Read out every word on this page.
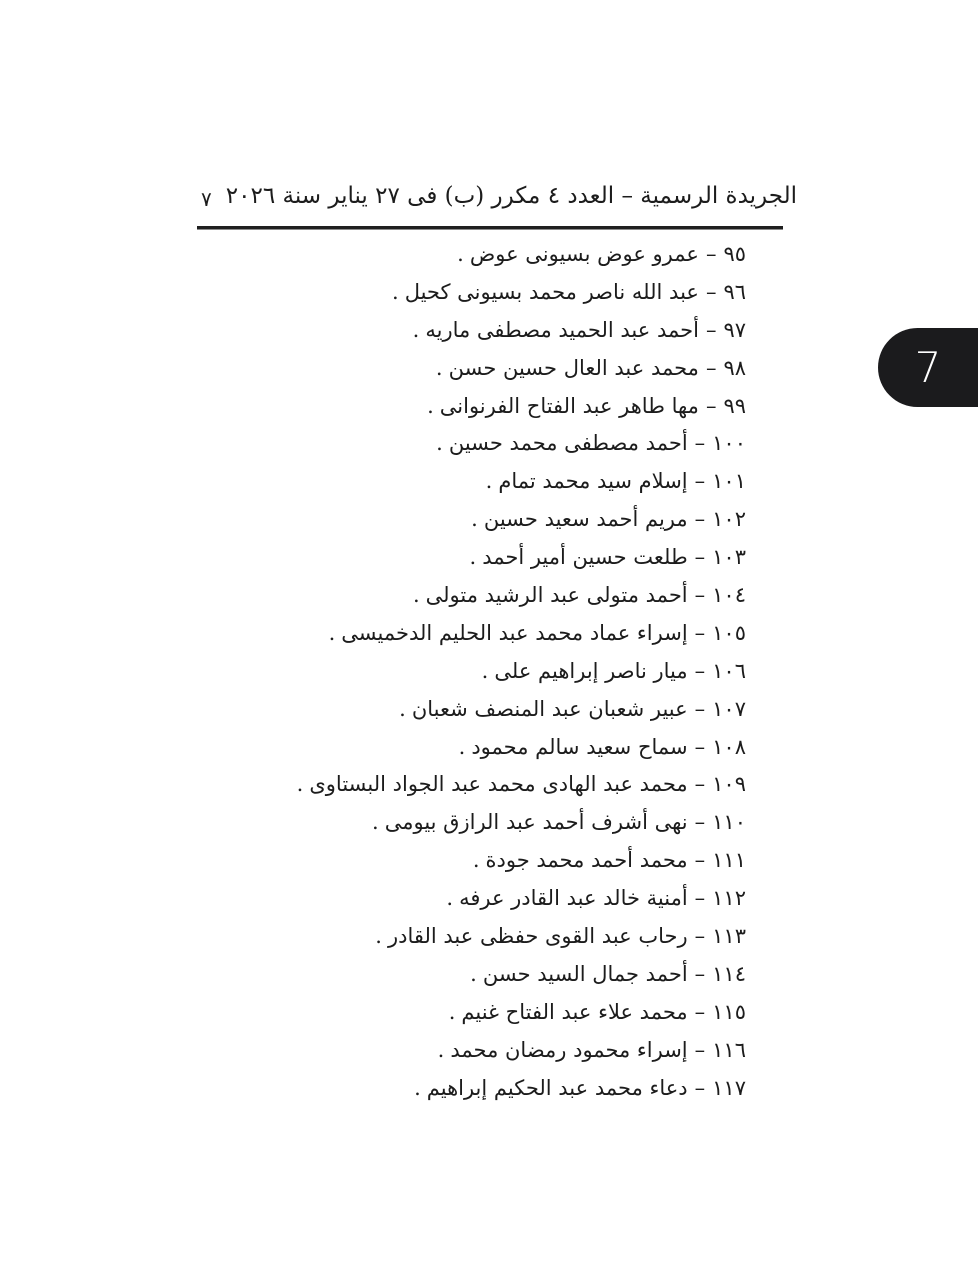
٧ الجريدة الرسمية – العدد ٤ مكرر (ب) فى ٢٧ يناير سنة ٢٠٢٦
٩٥–عمرو عوض بسيونى عوض.
٩٦–عبد الله ناصر محمد بسيونى كحيل.
٩٧–أحمد عبد الحميد مصطفى ماريه.
٩٨–محمد عبد العال حسين حسن.
٩٩–مها طاهر عبد الفتاح الفرنوانى.
١٠٠–أحمد مصطفى محمد حسين.
١٠١–إسلام سيد محمد تمام.
١٠٢–مريم أحمد سعيد حسين.
١٠٣–طلعت حسين أمير أحمد.
١٠٤–أحمد متولى عبد الرشيد متولى.
١٠٥–إسراء عماد محمد عبد الحليم الدخميسى.
١٠٦–ميار ناصر إبراهيم على.
١٠٧–عبير شعبان عبد المنصف شعبان.
١٠٨–سماح سعيد سالم محمود.
١٠٩–محمد عبد الهادى محمد عبد الجواد البستاوى.
١١٠–نهى أشرف أحمد عبد الرازق بيومى.
١١١–محمد أحمد محمد جودة.
١١٢–أمنية خالد عبد القادر عرفه.
١١٣–رحاب عبد القوى حفظى عبد القادر.
١١٤–أحمد جمال السيد حسن.
١١٥–محمد علاء عبد الفتاح غنيم.
١١٦–إسراء محمود رمضان محمد.
١١٧–دعاء محمد عبد الحكيم إبراهيم.
7
